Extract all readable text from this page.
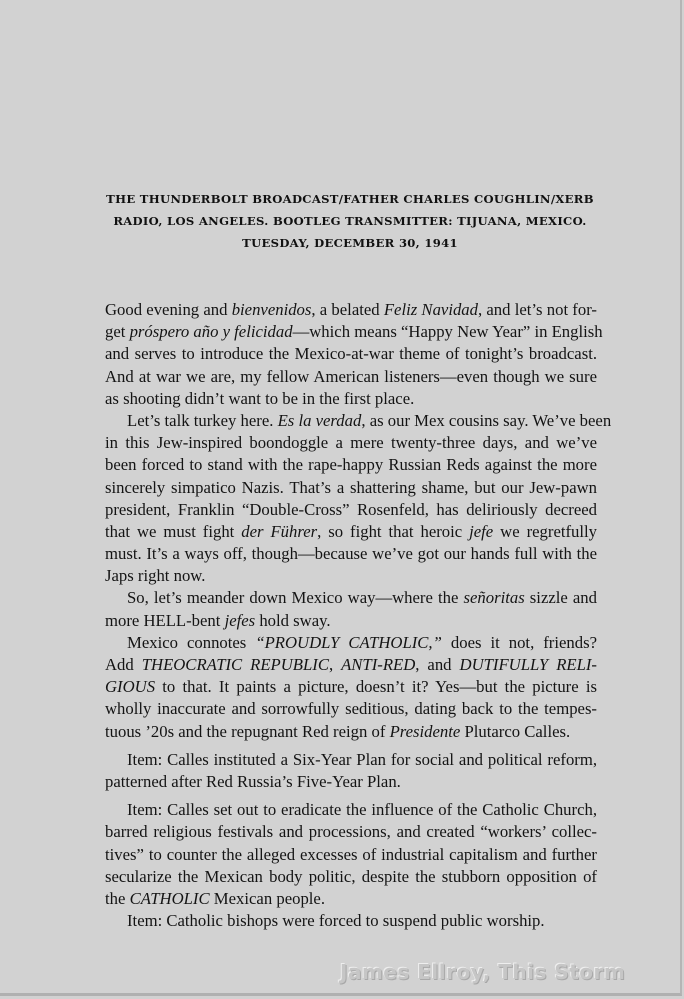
THE THUNDERBOLT BROADCAST/FATHER CHARLES COUGHLIN/XERB
RADIO, LOS ANGELES. BOOTLEG TRANSMITTER: TIJUANA, MEXICO.
TUESDAY, DECEMBER 30, 1941
Good evening and bienvenidos, a belated Feliz Navidad, and let’s not for-
get próspero año y felicidad—which means “Happy New Year” in English
and serves to introduce the Mexico-at-war theme of tonight’s broadcast.
And at war we are, my fellow American listeners—even though we sure
as shooting didn’t want to be in the first place.
Let’s talk turkey here. Es la verdad, as our Mex cousins say. We’ve been
in this Jew-inspired boondoggle a mere twenty-three days, and we’ve
been forced to stand with the rape-happy Russian Reds against the more
sincerely simpatico Nazis. That’s a shattering shame, but our Jew-pawn
president, Franklin “Double-Cross” Rosenfeld, has deliriously decreed
that we must fight der Führer, so fight that heroic jefe we regretfully
must. It’s a ways off, though—because we’ve got our hands full with the
Japs right now.
So, let’s meander down Mexico way—where the señoritas sizzle and
more HELL-bent jefes hold sway.
Mexico connotes “PROUDLY CATHOLIC,” does it not, friends?
Add THEOCRATIC REPUBLIC, ANTI-RED, and DUTIFULLY RELI-
GIOUS to that. It paints a picture, doesn’t it? Yes—but the picture is
wholly inaccurate and sorrowfully seditious, dating back to the tempes-
tuous ’20s and the repugnant Red reign of Presidente Plutarco Calles.
Item: Calles instituted a Six-Year Plan for social and political reform,
patterned after Red Russia’s Five-Year Plan.
Item: Calles set out to eradicate the influence of the Catholic Church,
barred religious festivals and processions, and created “workers’ collec-
tives” to counter the alleged excesses of industrial capitalism and further
secularize the Mexican body politic, despite the stubborn opposition of
the CATHOLIC Mexican people.
Item: Catholic bishops were forced to suspend public worship.
James Ellroy, This Storm
